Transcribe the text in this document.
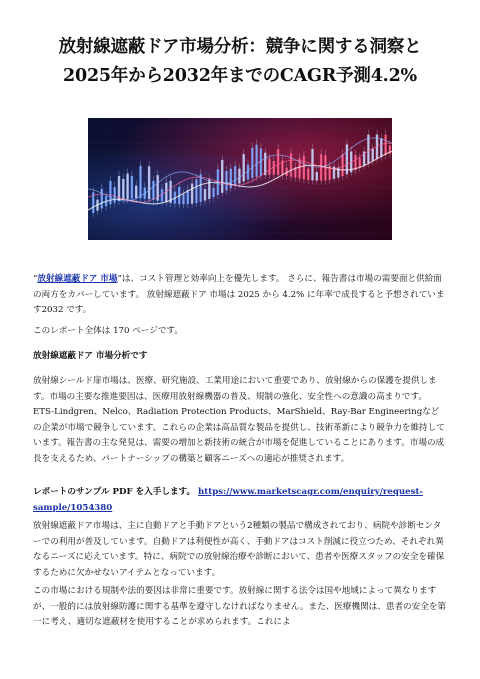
放射線遮蔽ドア市場分析：競争に関する洞察と
2025年から2032年までのCAGR予測4.2%

“放射線遮蔽ドア 市場”は、コスト管理と効率向上を優先します。 さらに、報告書は市場の需要面と供給面の両方をカバーしています。 放射線遮蔽ドア 市場は 2025 から 4.2% に年率で成長すると予想されています2032 です。

このレポート全体は 170 ページです。

放射線遮蔽ドア 市場分析です

放射線シールド扉市場は、医療、研究施設、工業用途において重要であり、放射線からの保護を提供します。市場の主要な推進要因は、医療用放射線機器の普及、規制の強化、安全性への意識の高まりです。ETS-Lindgren、Nelco、Radiation Protection Products、MarShield、Ray-Bar Engineeringなどの企業が市場で競争しています。これらの企業は高品質な製品を提供し、技術革新により競争力を維持しています。報告書の主な発見は、需要の増加と新技術の統合が市場を促進していることにあります。市場の成長を支えるため、パートナーシップの構築と顧客ニーズへの適応が推奨されます。

レポートのサンプル PDF を入手します。 https://www.marketscagr.com/enquiry/request-sample/1054380

放射線遮蔽ドア市場は、主に自動ドアと手動ドアという2種類の製品で構成されており、病院や診断センターでの利用が普及しています。自動ドアは利便性が高く、手動ドアはコスト削減に役立つため、それぞれ異なるニーズに応えています。特に、病院での放射線治療や診断において、患者や医療スタッフの安全を確保するために欠かせないアイテムとなっています。

この市場における規制や法的要因は非常に重要です。放射線に関する法令は国や地域によって異なりますが、一般的には放射線防護に関する基準を遵守しなければなりません。また、医療機関は、患者の安全を第一に考え、適切な遮蔽材を使用することが求められます。これによ
